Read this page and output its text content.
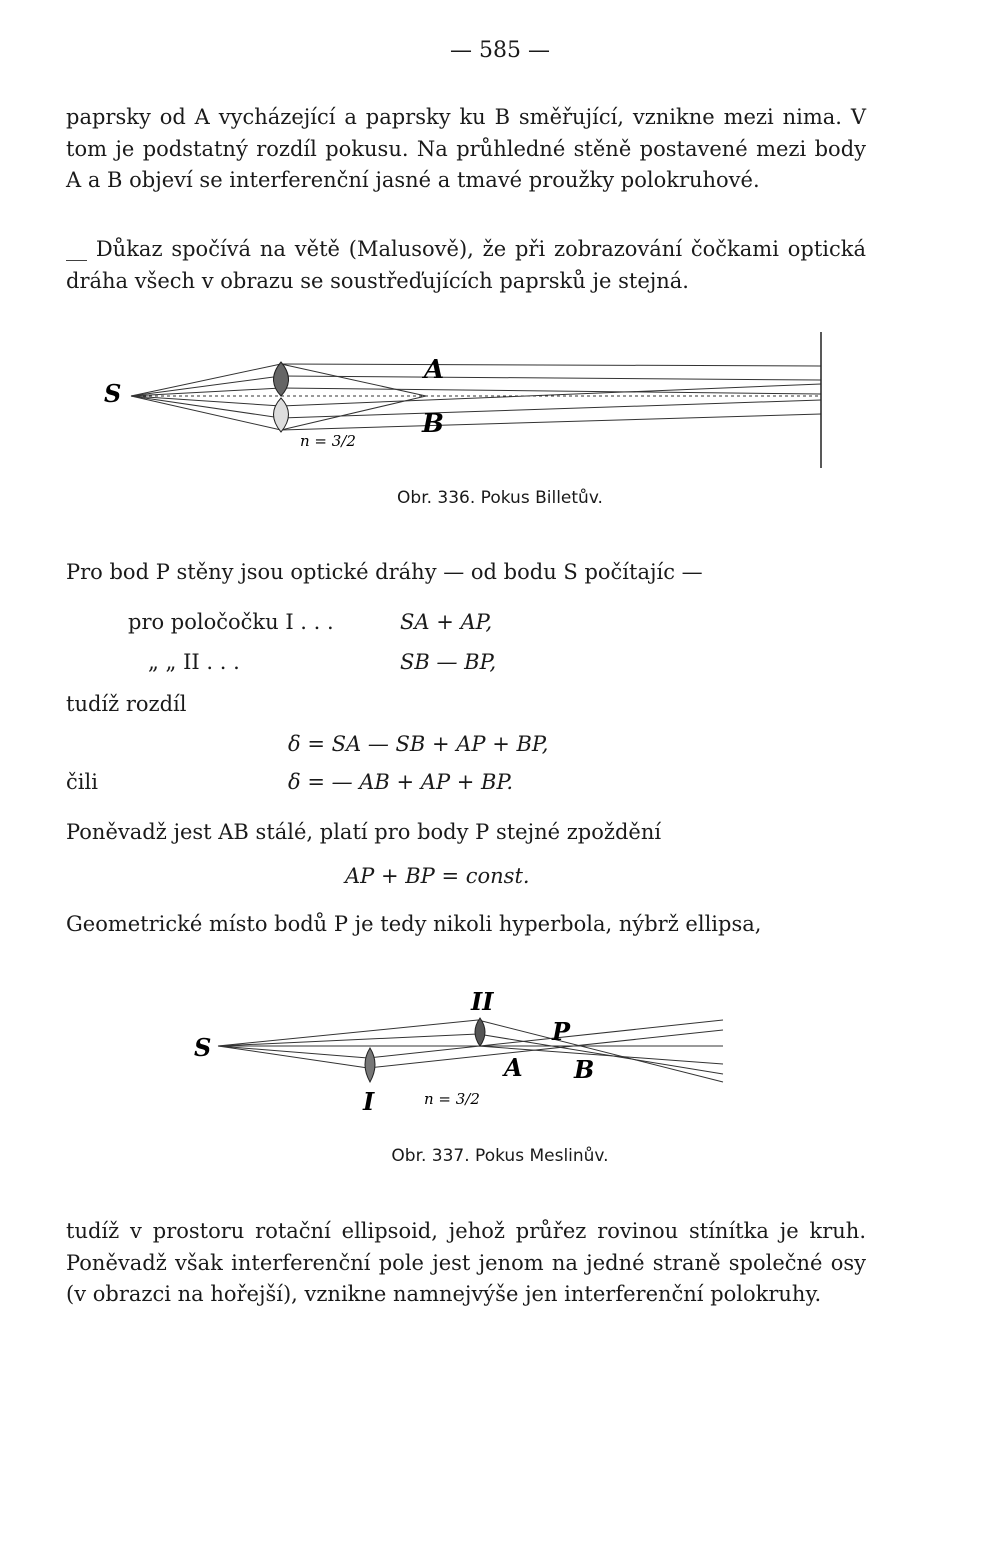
— 585 —
paprsky od A vycházející a paprsky ku B směřující, vznikne mezi nima. V tom je podstatný rozdíl pokusu. Na průhledné stěně postavené mezi body A a B objeví se interferenční jasné a tmavé proužky polokruhové.
__ Důkaz spočívá na větě (Malusově), že při zobrazování čočkami optická dráha všech v obrazu se soustřeďujících paprsků je stejná.
S
A
B
n = 3/2
Obr. 336. Pokus Billetův.
Pro bod P stěny jsou optické dráhy — od bodu S počítajíc —
pro poločočku I . . .	SA + AP,
„ „ II . . .	SB — BP,
tudíž rozdíl
δ = SA — SB + AP + BP,
čili	δ = — AB + AP + BP.
Poněvadž jest AB stálé, platí pro body P stejné zpoždění
AP + BP = const.
Geometrické místo bodů P je tedy nikoli hyperbola, nýbrž ellipsa,
S
II
I
P
A B
n = 3/2
Obr. 337. Pokus Meslinův.
tudíž v prostoru rotační ellipsoid, jehož průřez rovinou stínítka je kruh. Poněvadž však interferenční pole jest jenom na jedné straně společné osy (v obrazci na hořejší), vznikne namnejvýše jen interferenční polokruhy.
